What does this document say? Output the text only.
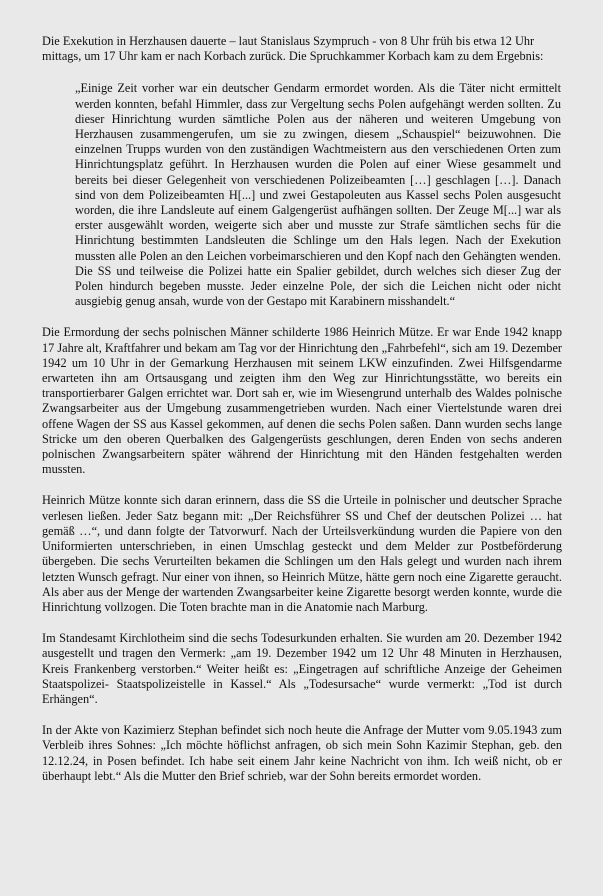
Die Exekution in Herzhausen dauerte – laut Stanislaus Szympruch - von 8 Uhr früh bis etwa 12 Uhr mittags, um 17 Uhr kam er nach Korbach zurück. Die Spruchkammer Korbach kam zu dem Ergebnis:

„Einige Zeit vorher war ein deutscher Gendarm ermordet worden. Als die Täter nicht ermittelt werden konnten, befahl Himmler, dass zur Vergeltung sechs Polen aufgehängt werden sollten. Zu dieser Hinrichtung wurden sämtliche Polen aus der näheren und weiteren Umgebung von Herzhausen zusammengerufen, um sie zu zwingen, diesem „Schauspiel“ beizuwohnen. Die einzelnen Trupps wurden von den zuständigen Wachtmeistern aus den verschiedenen Orten zum Hinrichtungsplatz geführt. In Herzhausen wurden die Polen auf einer Wiese gesammelt und bereits bei dieser Gelegenheit von verschiedenen Polizeibeamten […] geschlagen […]. Danach sind von dem Polizeibeamten H[...] und zwei Gestapoleuten aus Kassel sechs Polen ausgesucht worden, die ihre Landsleute auf einem Galgengerüst aufhängen sollten. Der Zeuge M[...] war als erster ausgewählt worden, weigerte sich aber und musste zur Strafe sämtlichen sechs für die Hinrichtung bestimmten Landsleuten die Schlinge um den Hals legen. Nach der Exekution mussten alle Polen an den Leichen vorbeimarschieren und den Kopf nach den Gehängten wenden. Die SS und teilweise die Polizei hatte ein Spalier gebildet, durch welches sich dieser Zug der Polen hindurch begeben musste. Jeder einzelne Pole, der sich die Leichen nicht oder nicht ausgiebig genug ansah, wurde von der Gestapo mit Karabinern misshandelt.“

Die Ermordung der sechs polnischen Männer schilderte 1986 Heinrich Mütze. Er war Ende 1942 knapp 17 Jahre alt, Kraftfahrer und bekam am Tag vor der Hinrichtung den „Fahrbefehl“, sich am 19. Dezember 1942 um 10 Uhr in der Gemarkung Herzhausen mit seinem LKW einzufinden. Zwei Hilfsgendarme erwarteten ihn am Ortsausgang und zeigten ihm den Weg zur Hinrichtungsstätte, wo bereits ein transportierbarer Galgen errichtet war. Dort sah er, wie im Wiesengrund unterhalb des Waldes polnische Zwangsarbeiter aus der Umgebung zusammengetrieben wurden. Nach einer Viertelstunde waren drei offene Wagen der SS aus Kassel gekommen, auf denen die sechs Polen saßen. Dann wurden sechs lange Stricke um den oberen Querbalken des Galgengerüsts geschlungen, deren Enden von sechs anderen polnischen Zwangsarbeitern später während der Hinrichtung mit den Händen festgehalten werden mussten.

Heinrich Mütze konnte sich daran erinnern, dass die SS die Urteile in polnischer und deutscher Sprache verlesen ließen. Jeder Satz begann mit: „Der Reichsführer SS und Chef der deutschen Polizei … hat gemäß …“, und dann folgte der Tatvorwurf. Nach der Urteilsverkündung wurden die Papiere von den Uniformierten unterschrieben, in einen Umschlag gesteckt und dem Melder zur Postbeförderung übergeben. Die sechs Verurteilten bekamen die Schlingen um den Hals gelegt und wurden nach ihrem letzten Wunsch gefragt. Nur einer von ihnen, so Heinrich Mütze, hätte gern noch eine Zigarette geraucht. Als aber aus der Menge der wartenden Zwangsarbeiter keine Zigarette besorgt werden konnte, wurde die Hinrichtung vollzogen. Die Toten brachte man in die Anatomie nach Marburg.

Im Standesamt Kirchlotheim sind die sechs Todesurkunden erhalten. Sie wurden am 20. Dezember 1942 ausgestellt und tragen den Vermerk: „am 19. Dezember 1942 um 12 Uhr 48 Minuten in Herzhausen, Kreis Frankenberg verstorben.“ Weiter heißt es: „Eingetragen auf schriftliche Anzeige der Geheimen Staatspolizei- Staatspolizeistelle in Kassel.“ Als „Todesursache“ wurde vermerkt: „Tod ist durch Erhängen“.

In der Akte von Kazimierz Stephan befindet sich noch heute die Anfrage der Mutter vom 9.05.1943 zum Verbleib ihres Sohnes: „Ich möchte höflichst anfragen, ob sich mein Sohn Kazimir Stephan, geb. den 12.12.24, in Posen befindet. Ich habe seit einem Jahr keine Nachricht von ihm. Ich weiß nicht, ob er überhaupt lebt.“ Als die Mutter den Brief schrieb, war der Sohn bereits ermordet worden.
